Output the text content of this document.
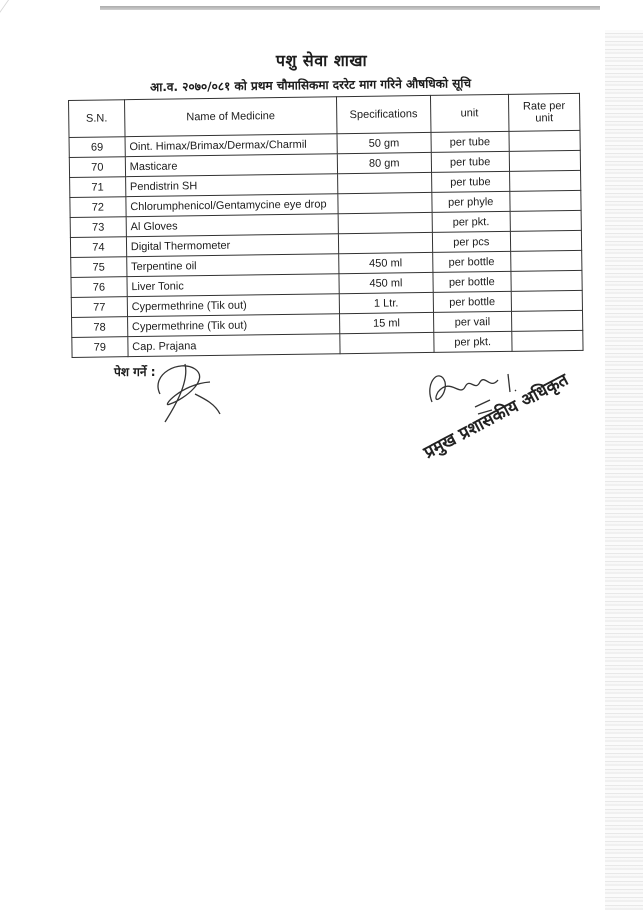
पशु सेवा शाखा
आ.व. २०७०/०८१ को प्रथम चौमासिकमा दररेट माग गरिने औषधिको सूचि
S.N.	Name of Medicine	Specifications	unit	Rate per unit
69	Oint. Himax/Brimax/Dermax/Charmil	50 gm	per tube	
70	Masticare	80 gm	per tube	
71	Pendistrin SH		per tube	
72	Chlorumphenicol/Gentamycine eye drop		per phyle	
73	Al Gloves		per pkt.	
74	Digital Thermometer		per pcs	
75	Terpentine oil	450 ml	per bottle	
76	Liver Tonic	450 ml	per bottle	
77	Cypermethrine (Tik out)	1 Ltr.	per bottle	
78	Cypermethrine (Tik out)	15 ml	per vail	
79	Cap. Prajana		per pkt.	
पेश गर्ने :	प्रमुख प्रशासकीय अधिकृत
